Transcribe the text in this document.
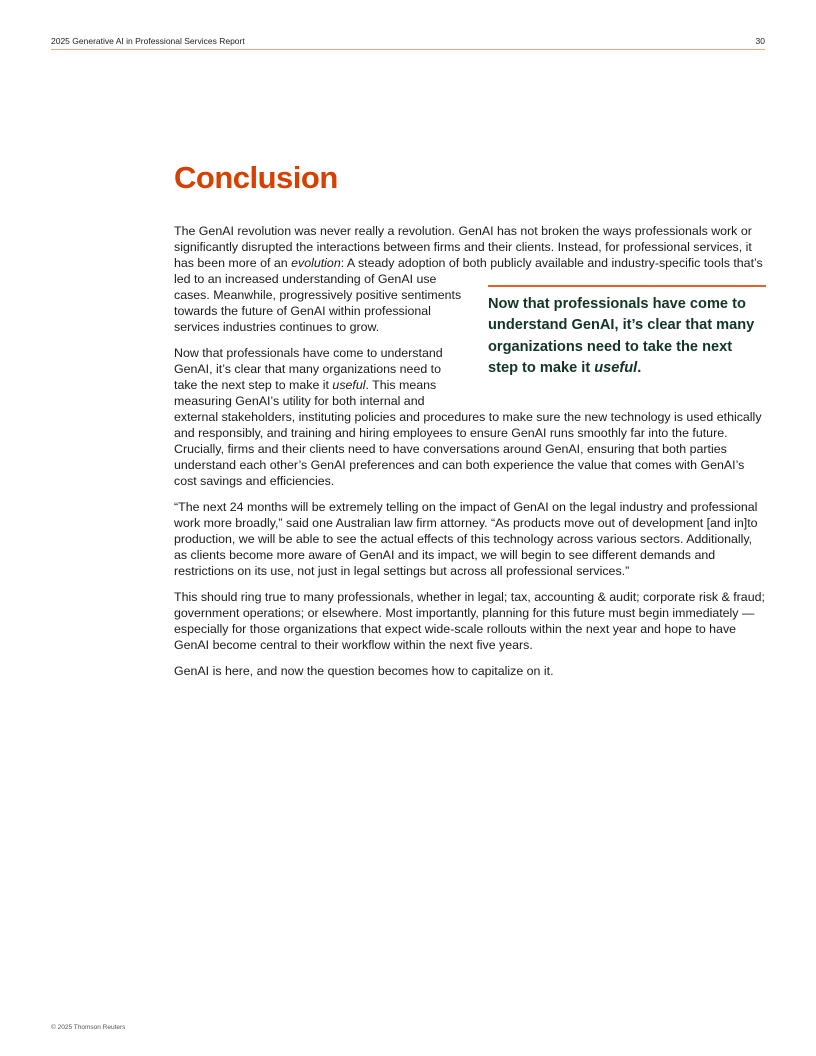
2025 Generative AI in Professional Services Report	30
Conclusion

The GenAI revolution was never really a revolution. GenAI has not broken the ways professionals work or significantly disrupted the interactions between firms and their clients. Instead, for professional services, it has been more of an evolution: A steady adoption of both publicly available and industry-

Now that professionals have come to understand GenAI, it’s clear that many organizations need to take the next step to make it useful.

specific tools that’s led to an increased understanding of GenAI use cases. Meanwhile, progressively positive sentiments towards the future of GenAI within professional services industries continues to grow.

Now that professionals have come to understand GenAI, it’s clear that many organizations need to take the next step to make it useful. This means measuring GenAI’s utility for both internal and external stakeholders, instituting policies and procedures to make sure the new technology is used ethically and responsibly, and training and hiring employees to ensure GenAI runs smoothly far into the future. Crucially, firms and their clients need to have conversations around GenAI, ensuring that both parties understand each other’s GenAI preferences and can both experience the value that comes with GenAI’s cost savings and efficiencies.

“The next 24 months will be extremely telling on the impact of GenAI on the legal industry and professional work more broadly,” said one Australian law firm attorney. “As products move out of development [and in]to production, we will be able to see the actual effects of this technology across various sectors. Additionally, as clients become more aware of GenAI and its impact, we will begin to see different demands and restrictions on its use, not just in legal settings but across all professional services.”

This should ring true to many professionals, whether in legal; tax, accounting & audit; corporate risk & fraud; government operations; or elsewhere. Most importantly, planning for this future must begin immediately — especially for those organizations that expect wide-scale rollouts within the next year and hope to have GenAI become central to their workflow within the next five years.

GenAI is here, and now the question becomes how to capitalize on it.

© 2025 Thomson Reuters
